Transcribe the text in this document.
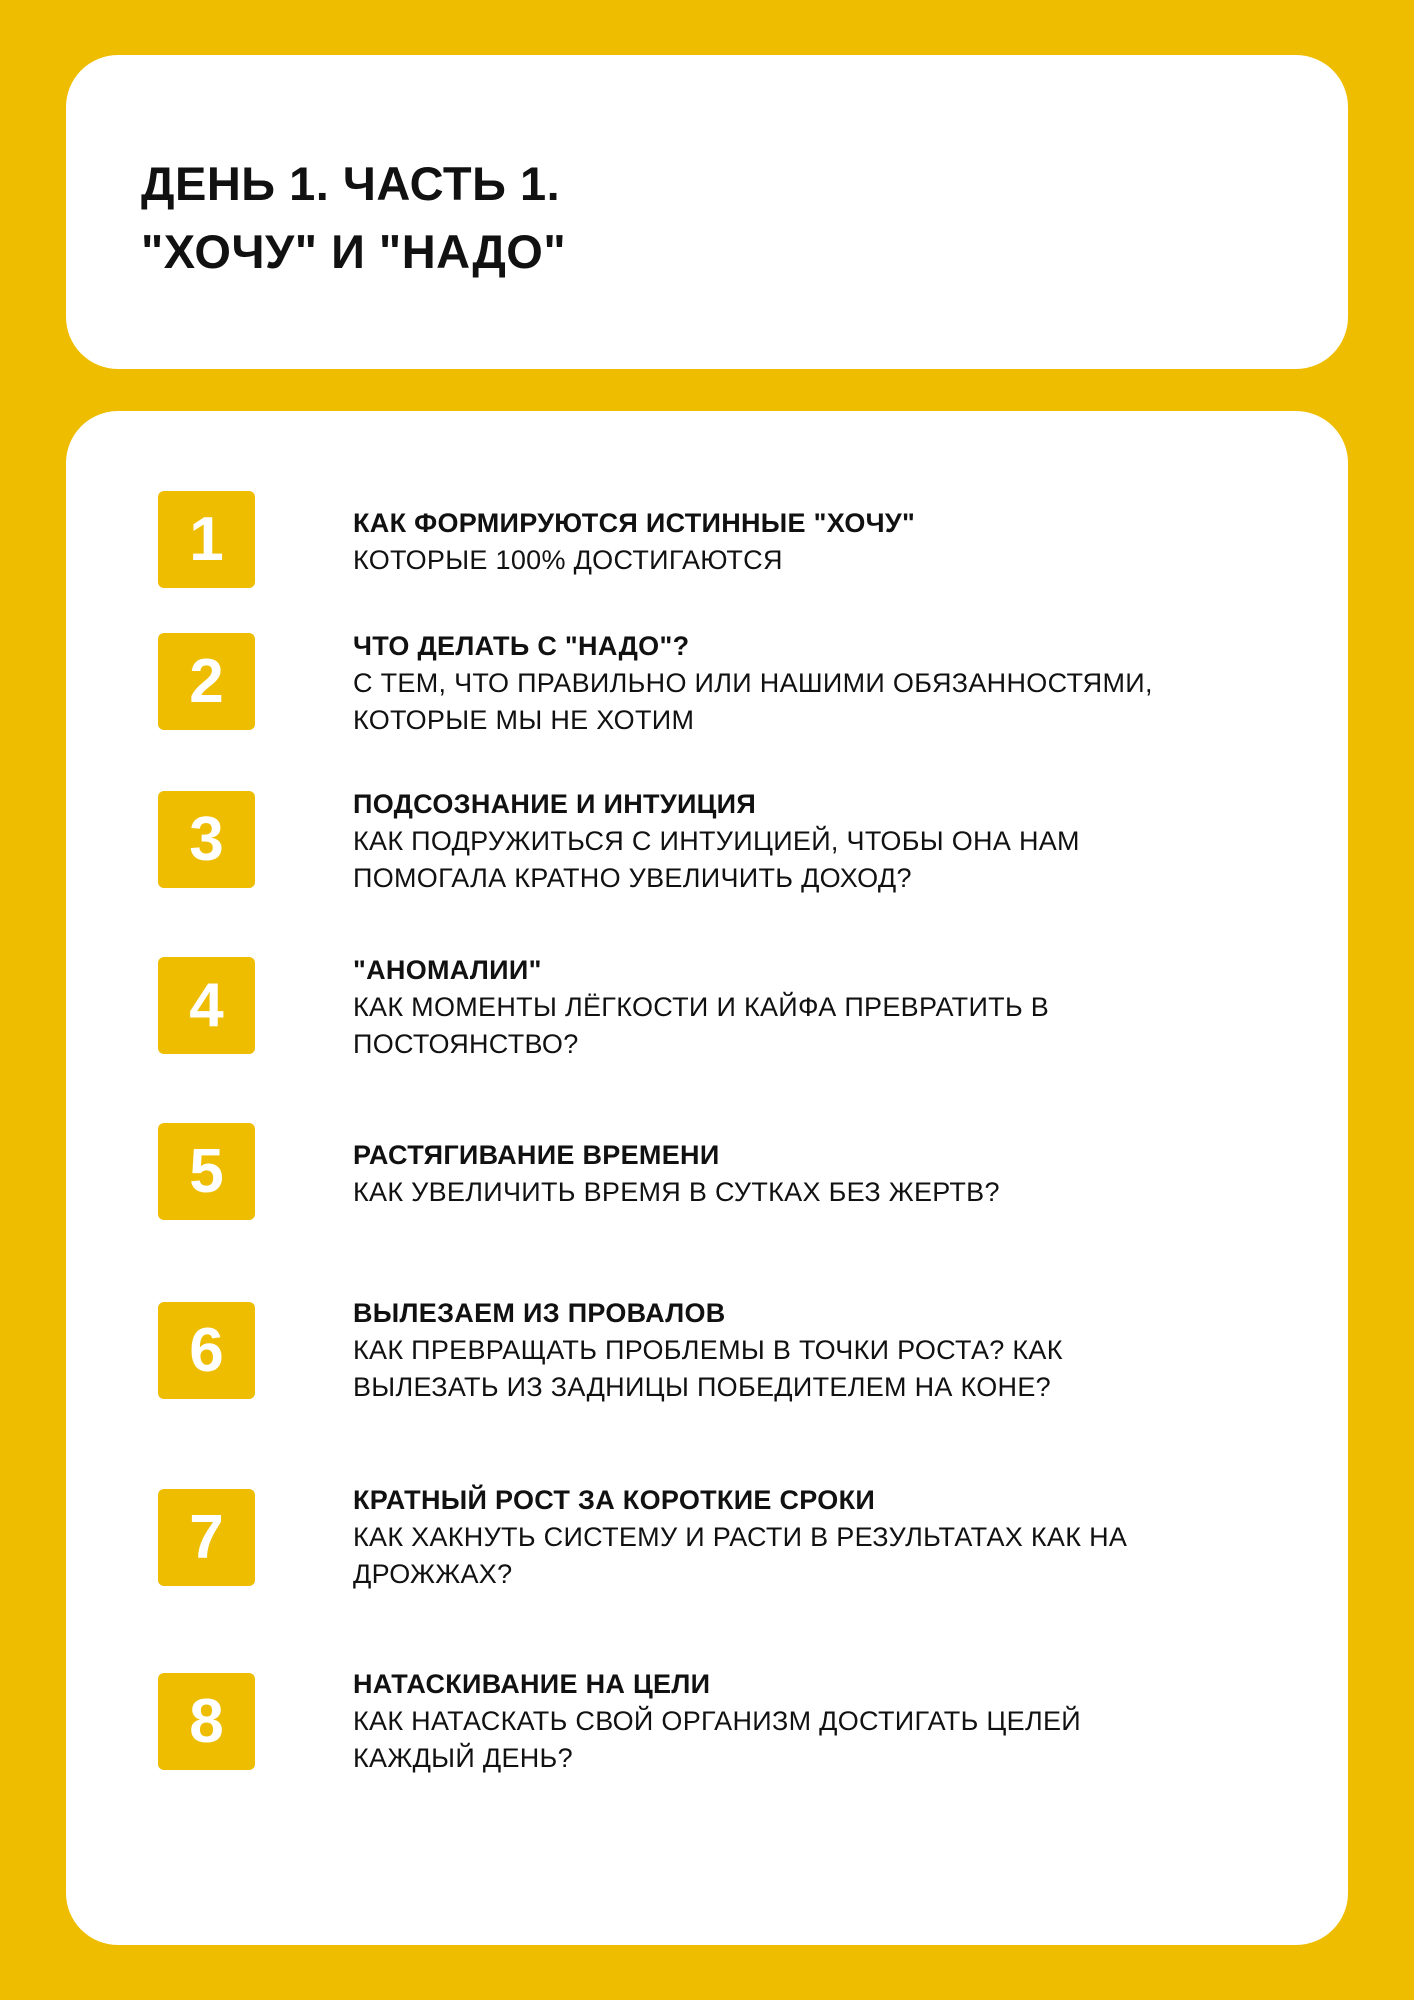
ДЕНЬ 1. ЧАСТЬ 1.
"ХОЧУ" И "НАДО"
1	КАК ФОРМИРУЮТСЯ ИСТИННЫЕ "ХОЧУ"
КОТОРЫЕ 100% ДОСТИГАЮТСЯ
2
ЧТО ДЕЛАТЬ С "НАДО"?
С ТЕМ, ЧТО ПРАВИЛЬНО ИЛИ НАШИМИ ОБЯЗАННОСТЯМИ,
КОТОРЫЕ МЫ НЕ ХОТИМ
3
ПОДСОЗНАНИЕ И ИНТУИЦИЯ
КАК ПОДРУЖИТЬСЯ С ИНТУИЦИЕЙ, ЧТОБЫ ОНА НАМ
ПОМОГАЛА КРАТНО УВЕЛИЧИТЬ ДОХОД?
4
"АНОМАЛИИ"
КАК МОМЕНТЫ ЛЁГКОСТИ И КАЙФА ПРЕВРАТИТЬ В
ПОСТОЯНСТВО?
5	РАСТЯГИВАНИЕ ВРЕМЕНИ
КАК УВЕЛИЧИТЬ ВРЕМЯ В СУТКАХ БЕЗ ЖЕРТВ?
6
ВЫЛЕЗАЕМ ИЗ ПРОВАЛОВ
КАК ПРЕВРАЩАТЬ ПРОБЛЕМЫ В ТОЧКИ РОСТА? КАК
ВЫЛЕЗАТЬ ИЗ ЗАДНИЦЫ ПОБЕДИТЕЛЕМ НА КОНЕ?
7
КРАТНЫЙ РОСТ ЗА КОРОТКИЕ СРОКИ
КАК ХАКНУТЬ СИСТЕМУ И РАСТИ В РЕЗУЛЬТАТАХ КАК НА
ДРОЖЖАХ?
8
НАТАСКИВАНИЕ НА ЦЕЛИ
КАК НАТАСКАТЬ СВОЙ ОРГАНИЗМ ДОСТИГАТЬ ЦЕЛЕЙ
КАЖДЫЙ ДЕНЬ?
